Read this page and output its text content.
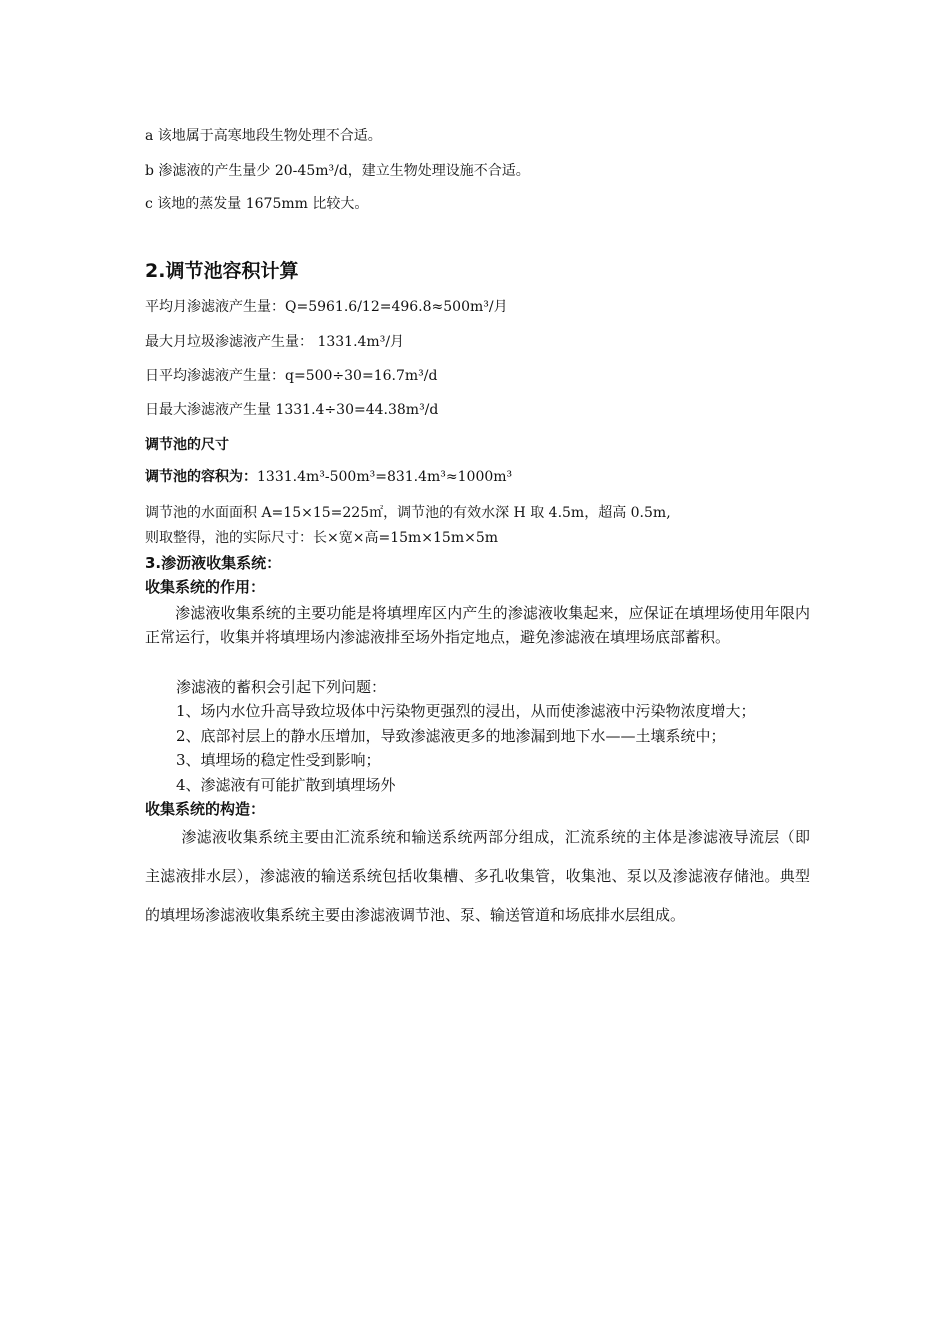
a 该地属于高寒地段生物处理不合适。
b 渗滤液的产生量少 20-45m³/d，建立生物处理设施不合适。
c 该地的蒸发量 1675mm 比较大。
2.调节池容积计算
平均月渗滤液产生量：Q=5961.6/12=496.8≈500m³/月
最大月垃圾渗滤液产生量： 1331.4m³/月
日平均渗滤液产生量：q=500÷30=16.7m³/d
日最大渗滤液产生量 1331.4÷30=44.38m³/d
调节池的尺寸
调节池的容积为：1331.4m³-500m³=831.4m³≈1000m³
调节池的水面面积 A=15×15=225㎡，调节池的有效水深 H 取 4.5m，超高 0.5m,
则取整得，池的实际尺寸：长×宽×高=15m×15m×5m
3.渗沥液收集系统：
收集系统的作用：
渗滤液收集系统的主要功能是将填埋库区内产生的渗滤液收集起来，应保证在填埋场使用年限内正常运行，收集并将填埋场内渗滤液排至场外指定地点，避免渗滤液在填埋场底部蓄积。
渗滤液的蓄积会引起下列问题：
1、场内水位升高导致垃圾体中污染物更强烈的浸出，从而使渗滤液中污染物浓度增大；
2、底部衬层上的静水压增加，导致渗滤液更多的地渗漏到地下水——土壤系统中；
3、填埋场的稳定性受到影响；
4、渗滤液有可能扩散到填埋场外
收集系统的构造：
渗滤液收集系统主要由汇流系统和输送系统两部分组成，汇流系统的主体是渗滤液导流层（即主滤液排水层），渗滤液的输送系统包括收集槽、多孔收集管，收集池、泵以及渗滤液存储池。典型的填埋场渗滤液收集系统主要由渗滤液调节池、泵、输送管道和场底排水层组成。
